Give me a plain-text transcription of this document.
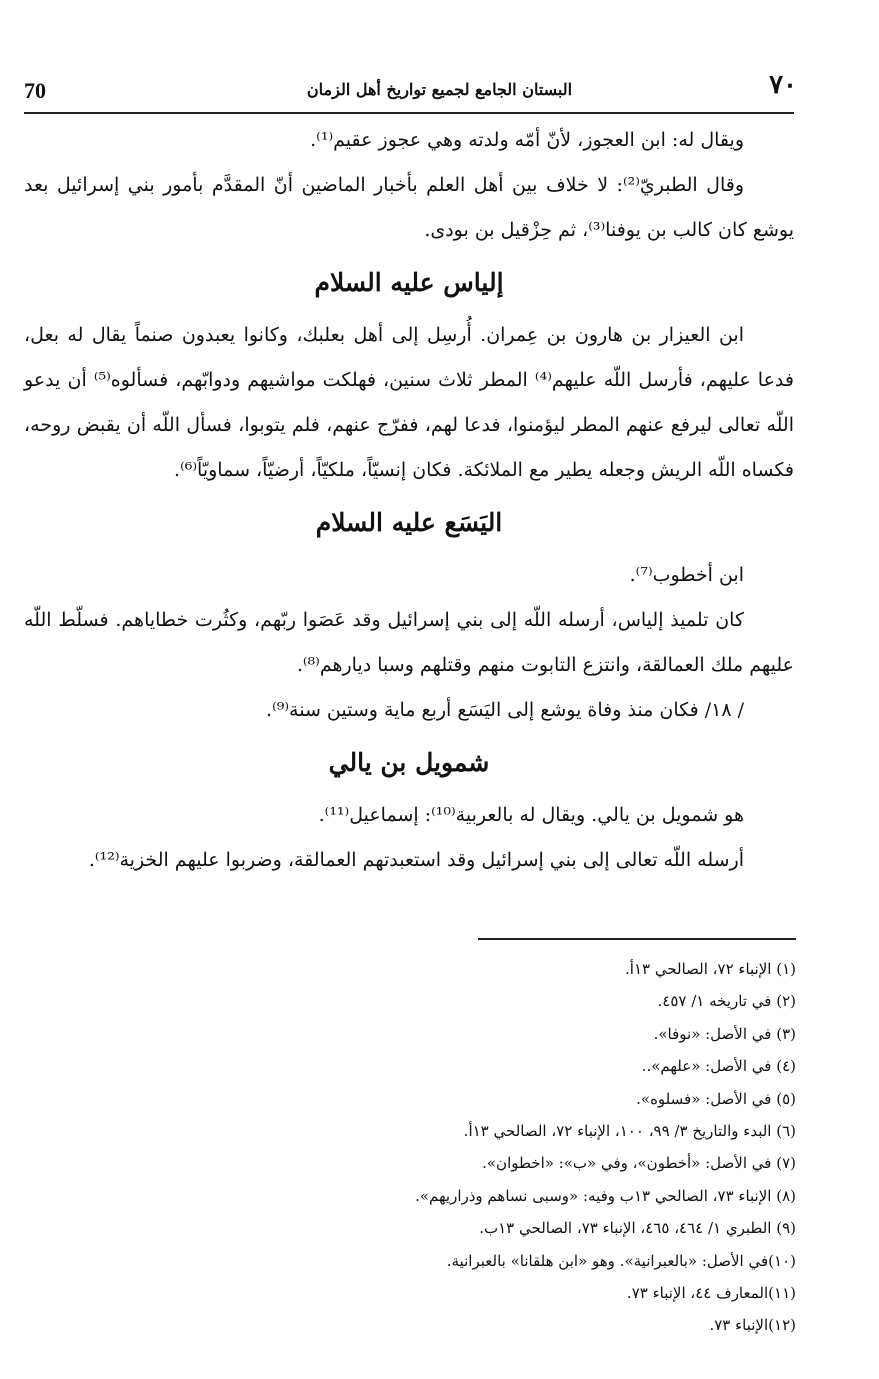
70	البستان الجامع لجميع تواريخ أهل الزمان	٧٠

ويقال له: ابن العجوز، لأنّ أمّه ولدته وهي عجوز عقيم⁽¹⁾.

وقال الطبريّ⁽²⁾: لا خلاف بين أهل العلم بأخبار الماضين أنّ المقدَّم بأمور بني إسرائيل بعد يوشع كان كالب بن يوفنا⁽³⁾، ثم حِزْقيل بن بودى.

إلياس عليه السلام

ابن العيزار بن هارون بن عِمران. أُرسِل إلى أهل بعلبك، وكانوا يعبدون صنماً يقال له بعل، فدعا عليهم، فأرسل اللّه عليهم⁽⁴⁾ المطر ثلاث سنين، فهلكت مواشيهم ودوابّهم، فسألوه⁽⁵⁾ أن يدعو اللّه تعالى ليرفع عنهم المطر ليؤمنوا، فدعا لهم، ففرّج عنهم، فلم يتوبوا، فسأل اللّه أن يقبض روحه، فكساه اللّه الريش وجعله يطير مع الملائكة. فكان إنسيّاً، ملكيّاً، أرضيّاً، سماويّاً⁽⁶⁾.

اليَسَع عليه السلام

ابن أخطوب⁽⁷⁾.

كان تلميذ إلياس، أرسله اللّه إلى بني إسرائيل وقد عَصَوا ربّهم، وكثُرت خطاياهم. فسلّط اللّه عليهم ملك العمالقة، وانتزع التابوت منهم وقتلهم وسبا ديارهم⁽⁸⁾.

/ ١٨/ فكان منذ وفاة يوشع إلى اليَسَع أربع ماية وستين سنة⁽⁹⁾.

شمويل بن يالي

هو شمويل بن يالي. ويقال له بالعربية⁽¹⁰⁾: إسماعيل⁽¹¹⁾.

أرسله اللّه تعالى إلى بني إسرائيل وقد استعبدتهم العمالقة، وضربوا عليهم الخزية⁽¹²⁾.

(١) الإنباء ٧٢، الصالحي ١٣أ.
(٢) في تاريخه ١/ ٤٥٧.
(٣) في الأصل: «نوفا».
(٤) في الأصل: «علهم»..
(٥) في الأصل: «فسلوه».
(٦) البدء والتاريخ ٣/ ٩٩، ١٠٠، الإنباء ٧٢، الصالحي ١٣أ.
(٧) في الأصل: «أخطون»، وفي «ب»: «اخطوان».
(٨) الإنباء ٧٣، الصالحي ١٣ب وفيه: «وسبى نساهم وذراريهم».
(٩) الطبري ١/ ٤٦٤، ٤٦٥، الإنباء ٧٣، الصالحي ١٣ب.
(١٠)في الأصل: «بالعبرانية». وهو «ابن هلقانا» بالعبرانية.
(١١)المعارف ٤٤، الإنباء ٧٣.
(١٢)الإنباء ٧٣.
